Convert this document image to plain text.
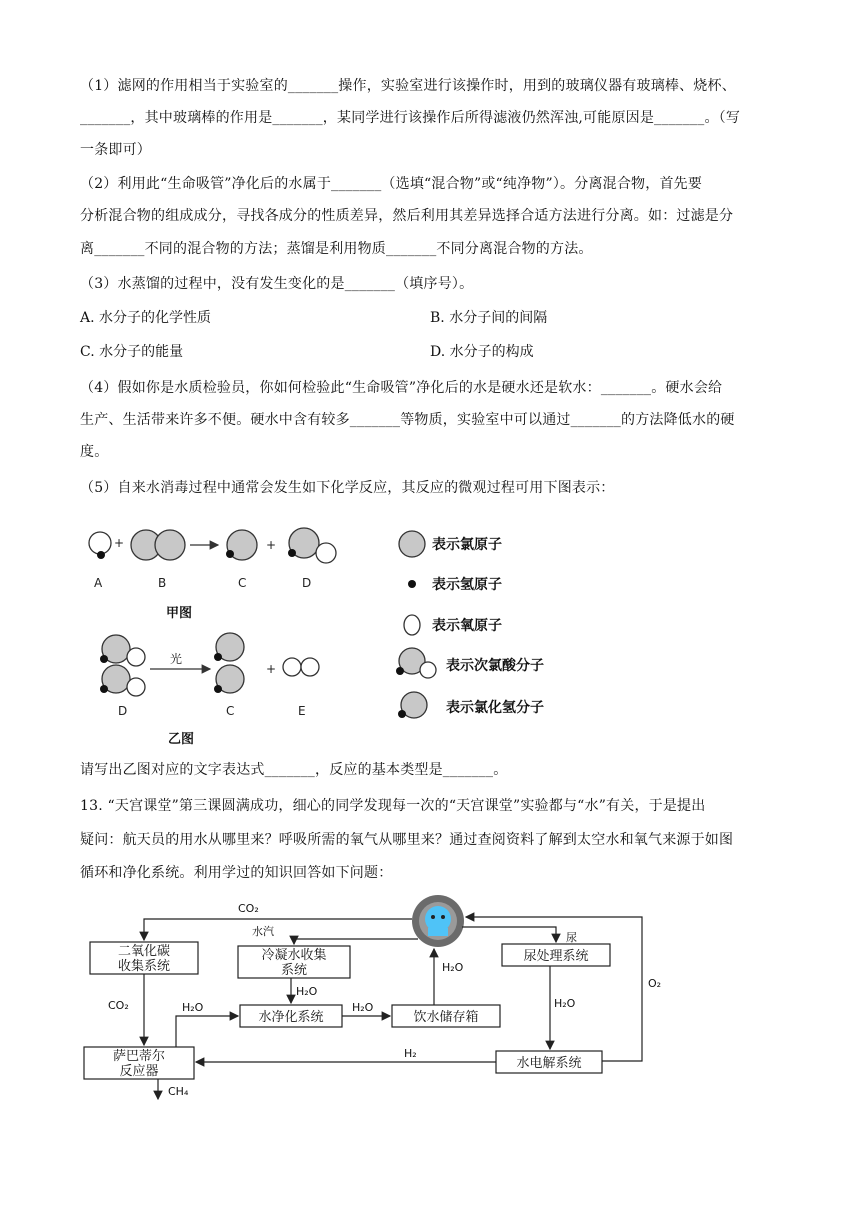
（1）滤网的作用相当于实验室的_______操作，实验室进行该操作时，用到的玻璃仪器有玻璃棒、烧杯、
_______，其中玻璃棒的作用是_______，某同学进行该操作后所得滤液仍然浑浊,可能原因是_______。（写
一条即可）
（2）利用此“生命吸管”净化后的水属于_______（选填“混合物”或“纯净物”）。分离混合物，首先要
分析混合物的组成成分，寻找各成分的性质差异，然后利用其差异选择合适方法进行分离。如：过滤是分
离_______不同的混合物的方法；蒸馏是利用物质_______不同分离混合物的方法。
（3）水蒸馏的过程中，没有发生变化的是_______（填序号）。
A. 水分子的化学性质	B. 水分子间的间隔
C. 水分子的能量	D. 水分子的构成
（4）假如你是水质检验员，你如何检验此“生命吸管”净化后的水是硬水还是软水：_______。硬水会给
生产、生活带来许多不便。硬水中含有较多_______等物质，实验室中可以通过_______的方法降低水的硬
度。
（5）自来水消毒过程中通常会发生如下化学反应，其反应的微观过程可用下图表示：
+	+
A	B	C	D
甲图
光
+
D	C	E
乙图
表示氯原子
表示氢原子
表示氧原子
表示次氯酸分子
表示氯化氢分子
请写出乙图对应的文字表达式_______，反应的基本类型是_______。
13. “天宫课堂”第三课圆满成功，细心的同学发现每一次的“天宫课堂”实验都与“水”有关，于是提出
疑问：航天员的用水从哪里来？呼吸所需的氧气从哪里来？通过查阅资料了解到太空水和氧气来源于如图
循环和净化系统。利用学过的知识回答如下问题：
二氧化碳
收集系统
冷凝水收集
系统
尿处理系统
水净化系统	饮水储存箱
萨巴蒂尔
反应器
水电解系统
CO₂
水汽	尿
O₂
CO₂
H₂O
H₂O	H₂O
H₂O
H₂O
H₂
CH₄
